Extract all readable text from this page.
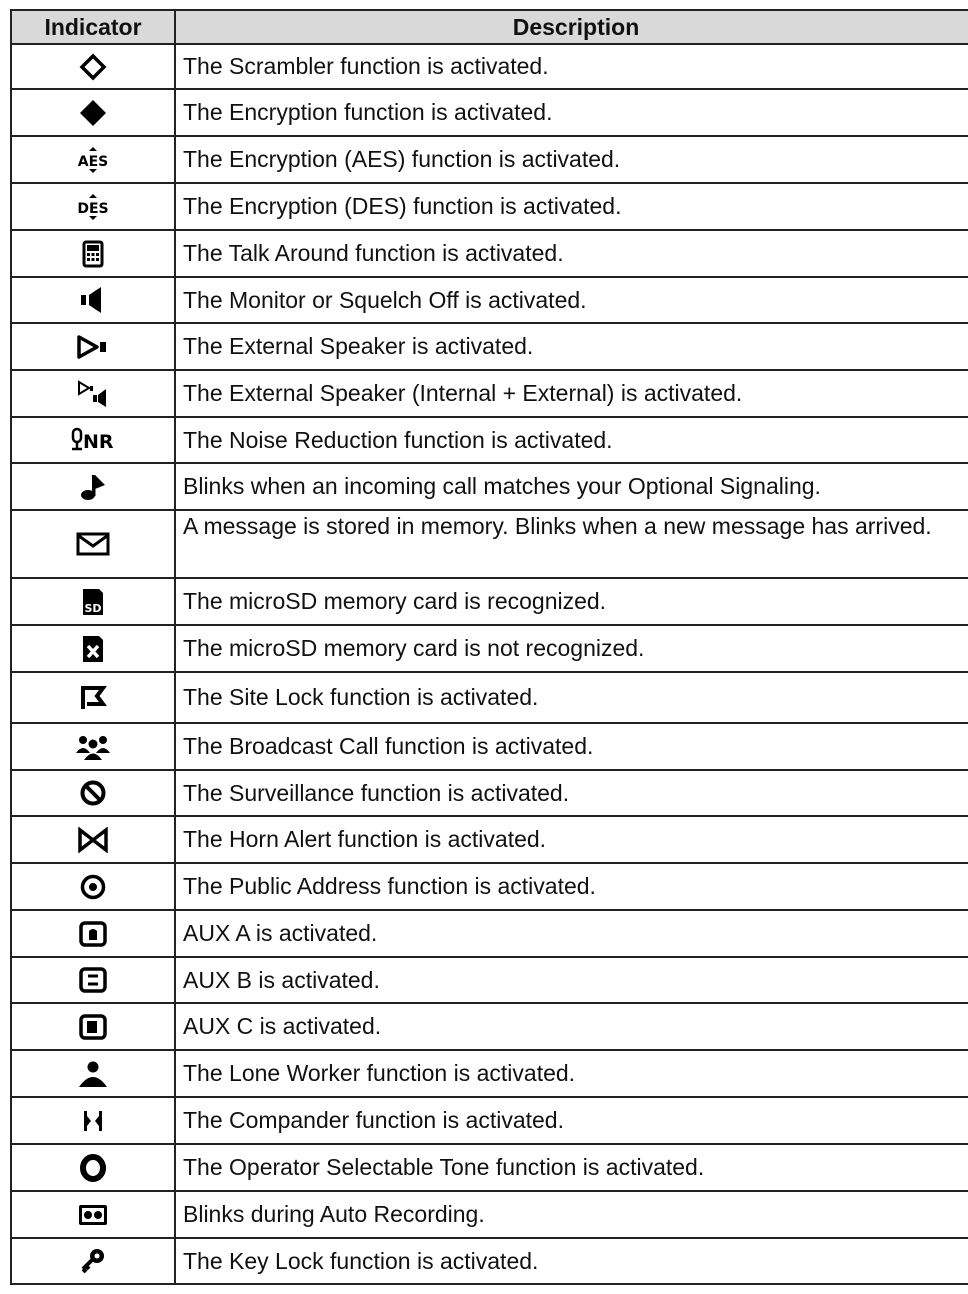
Indicator	Description
	The Scrambler function is activated.
	The Encryption function is activated.

AES	The Encryption (AES) function is activated.

DES	The Encryption (DES) function is activated.
	The Talk Around function is activated.
	The Monitor or Squelch Off is activated.
	The External Speaker is activated.
	The External Speaker (Internal + External) is activated.

NR	The Noise Reduction function is activated.
	Blinks when an incoming call matches your Optional Signaling.
	A message is stored in memory. Blinks when a new message has arrived.

SD	The microSD memory card is recognized.
	The microSD memory card is not recognized.
	The Site Lock function is activated.
	The Broadcast Call function is activated.
	The Surveillance function is activated.
	The Horn Alert function is activated.
	The Public Address function is activated.
	AUX A is activated.
	AUX B is activated.
	AUX C is activated.
	The Lone Worker function is activated.
	The Compander function is activated.
	The Operator Selectable Tone function is activated.
	Blinks during Auto Recording.
	The Key Lock function is activated.
